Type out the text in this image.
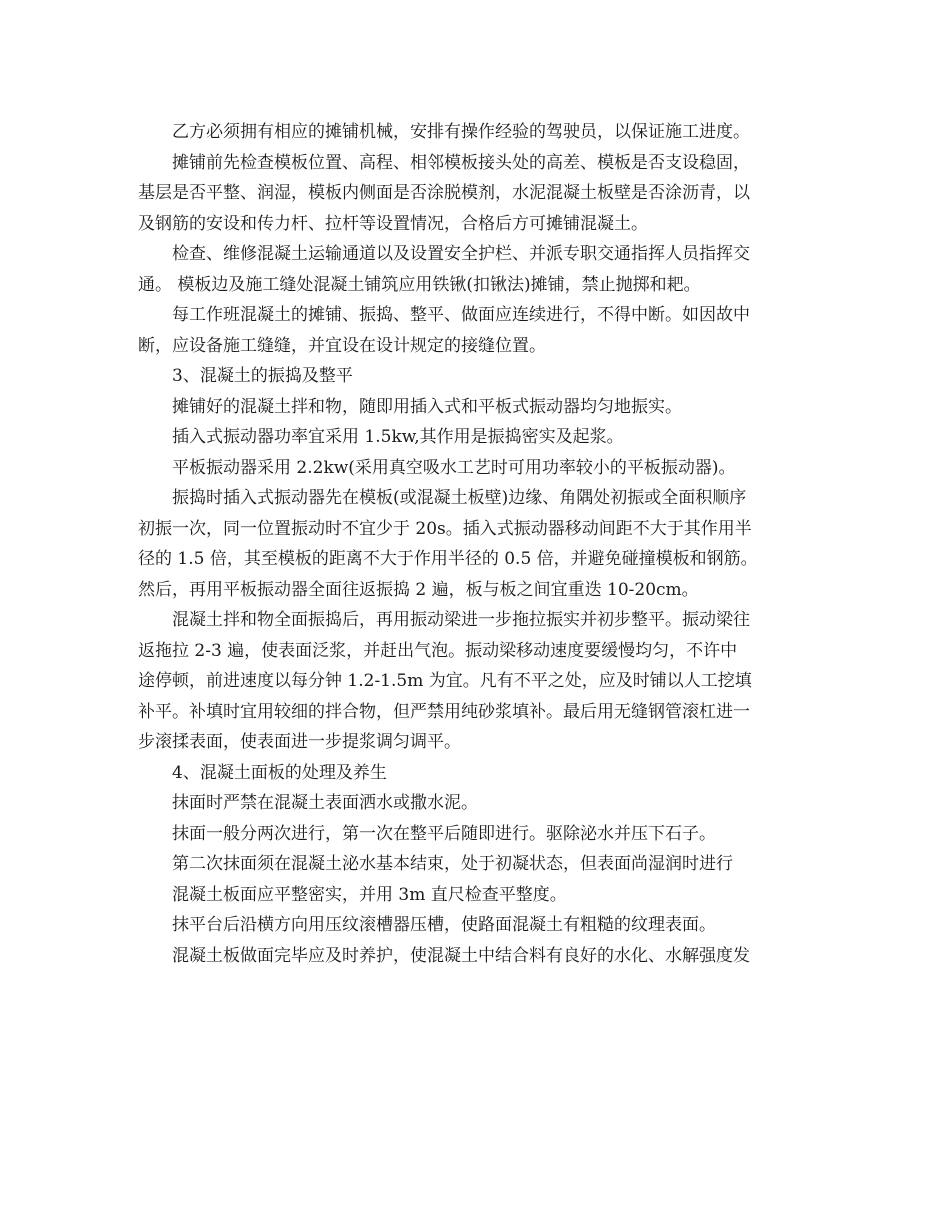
乙方必须拥有相应的摊铺机械，安排有操作经验的驾驶员，以保证施工进度。
摊铺前先检查模板位置、高程、相邻模板接头处的高差、模板是否支设稳固，
基层是否平整、润湿，模板内侧面是否涂脱模剂，水泥混凝土板壁是否涂沥青，以
及钢筋的安设和传力杆、拉杆等设置情况，合格后方可摊铺混凝土。
检查、维修混凝土运输通道以及设置安全护栏、并派专职交通指挥人员指挥交
通。 模板边及施工缝处混凝土铺筑应用铁锹(扣锹法)摊铺，禁止抛掷和耙。
每工作班混凝土的摊铺、振捣、整平、做面应连续进行，不得中断。如因故中
断，应设备施工缝缝，并宜设在设计规定的接缝位置。
3、混凝土的振捣及整平
摊铺好的混凝土拌和物，随即用插入式和平板式振动器均匀地振实。
插入式振动器功率宜采用 1.5kw,其作用是振捣密实及起浆。
平板振动器采用 2.2kw(采用真空吸水工艺时可用功率较小的平板振动器)。
振捣时插入式振动器先在模板(或混凝土板壁)边缘、角隅处初振或全面积顺序
初振一次，同一位置振动时不宜少于 20s。插入式振动器移动间距不大于其作用半
径的 1.5 倍，其至模板的距离不大于作用半径的 0.5 倍，并避免碰撞模板和钢筋。
然后，再用平板振动器全面往返振捣 2 遍，板与板之间宜重迭 10-20cm。
混凝土拌和物全面振捣后，再用振动梁进一步拖拉振实并初步整平。振动梁往
返拖拉 2-3 遍，使表面泛浆，并赶出气泡。振动梁移动速度要缓慢均匀，不许中
途停顿，前进速度以每分钟 1.2-1.5m 为宜。凡有不平之处，应及时铺以人工挖填
补平。补填时宜用较细的拌合物，但严禁用纯砂浆填补。最后用无缝钢管滚杠进一
步滚揉表面，使表面进一步提浆调匀调平。
4、混凝土面板的处理及养生
抹面时严禁在混凝土表面洒水或撒水泥。
抹面一般分两次进行，第一次在整平后随即进行。驱除泌水并压下石子。
第二次抹面须在混凝土泌水基本结束，处于初凝状态，但表面尚湿润时进行
混凝土板面应平整密实，并用 3m 直尺检查平整度。
抹平台后沿横方向用压纹滚槽器压槽，使路面混凝土有粗糙的纹理表面。
混凝土板做面完毕应及时养护，使混凝土中结合料有良好的水化、水解强度发
